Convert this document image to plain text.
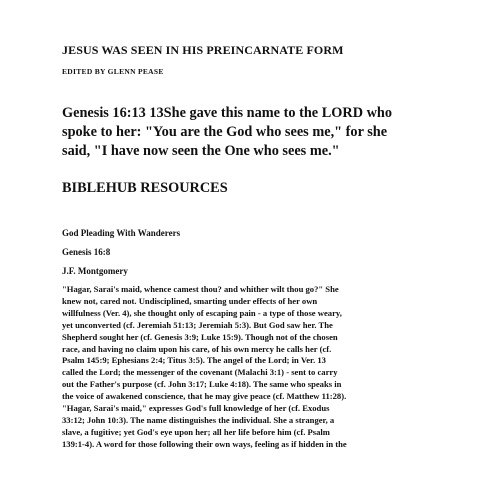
JESUS WAS SEEN IN HIS PREINCARNATE FORM
EDITED BY GLENN PEASE
Genesis 16:13 13She gave this name to the LORD who
spoke to her: "You are the God who sees me," for she
said, "I have now seen the One who sees me."
BIBLEHUB RESOURCES
God Pleading With Wanderers
Genesis 16:8
J.F. Montgomery
"Hagar, Sarai's maid, whence camest thou? and whither wilt thou go?" She
knew not, cared not. Undisciplined, smarting under effects of her own
willfulness (Ver. 4), she thought only of escaping pain - a type of those weary,
yet unconverted (cf. Jeremiah 51:13; Jeremiah 5:3). But God saw her. The
Shepherd sought her (cf. Genesis 3:9; Luke 15:9). Though not of the chosen
race, and having no claim upon his care, of his own mercy he calls her (cf.
Psalm 145:9; Ephesians 2:4; Titus 3:5). The angel of the Lord; in Ver. 13
called the Lord; the messenger of the covenant (Malachi 3:1) - sent to carry
out the Father's purpose (cf. John 3:17; Luke 4:18). The same who speaks in
the voice of awakened conscience, that he may give peace (cf. Matthew 11:28).
"Hagar, Sarai's maid," expresses God's full knowledge of her (cf. Exodus
33:12; John 10:3). The name distinguishes the individual. She a stranger, a
slave, a fugitive; yet God's eye upon her; all her life before him (cf. Psalm
139:1-4). A word for those following their own ways, feeling as if hidden in the
